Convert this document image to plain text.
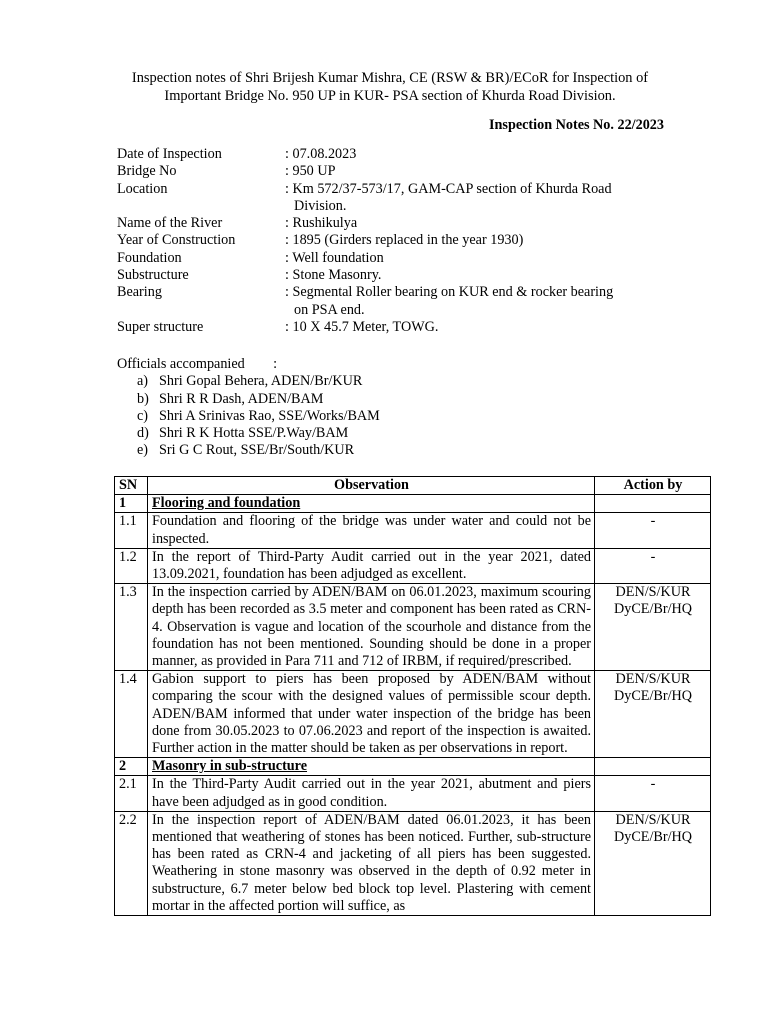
Inspection notes of Shri Brijesh Kumar Mishra, CE (RSW & BR)/ECoR for Inspection of
Important Bridge No. 950 UP in KUR- PSA section of Khurda Road Division.
Inspection Notes No. 22/2023
Date of Inspection	: 07.08.2023
Bridge No	: 950 UP
Location	: Km 572/37-573/17, GAM-CAP section of Khurda Road
Division.
Name of the River	: Rushikulya
Year of Construction	: 1895 (Girders replaced in the year 1930)
Foundation	: Well foundation
Substructure	: Stone Masonry.
Bearing	: Segmental Roller bearing on KUR end & rocker bearing
on PSA end.
Super structure	: 10 X 45.7 Meter, TOWG.
Officials accompanied        :
a) Shri Gopal Behera, ADEN/Br/KUR
b) Shri R R Dash, ADEN/BAM
c) Shri A Srinivas Rao, SSE/Works/BAM
d) Shri R K Hotta SSE/P.Way/BAM
e) Sri G C Rout, SSE/Br/South/KUR
SN	Observation	Action by
1	Flooring and foundation	
1.1	Foundation and flooring of the bridge was under water and could not be inspected.	-

1.2	In the report of Third-Party Audit carried out in the year 2021, dated 13.09.2021, foundation has been adjudged as excellent.	-

1.3	In the inspection carried by ADEN/BAM on 06.01.2023, maximum scouring depth has been recorded as 3.5 meter and component has been rated as CRN-4. Observation is vague and location of the scourhole and distance from the foundation has not been mentioned. Sounding should be done in a proper manner, as provided in Para 711 and 712 of IRBM, if required/prescribed.	DEN/S/KUR
DyCE/Br/HQ

1.4	Gabion support to piers has been proposed by ADEN/BAM without comparing the scour with the designed values of permissible scour depth. ADEN/BAM informed that under water inspection of the bridge has been done from 30.05.2023 to 07.06.2023 and report of the inspection is awaited. Further action in the matter should be taken as per observations in report.	DEN/S/KUR
DyCE/Br/HQ

2	Masonry in sub-structure	
2.1	In the Third-Party Audit carried out in the year 2021, abutment and piers have been adjudged as in good condition.	-

2.2	In the inspection report of ADEN/BAM dated 06.01.2023, it has been mentioned that weathering of stones has been noticed. Further, sub-structure has been rated as CRN-4 and jacketing of all piers has been suggested. Weathering in stone masonry was observed in the depth of 0.92 meter in substructure, 6.7 meter below bed block top level. Plastering with cement mortar in the affected portion will suffice, as	DEN/S/KUR
DyCE/Br/HQ
